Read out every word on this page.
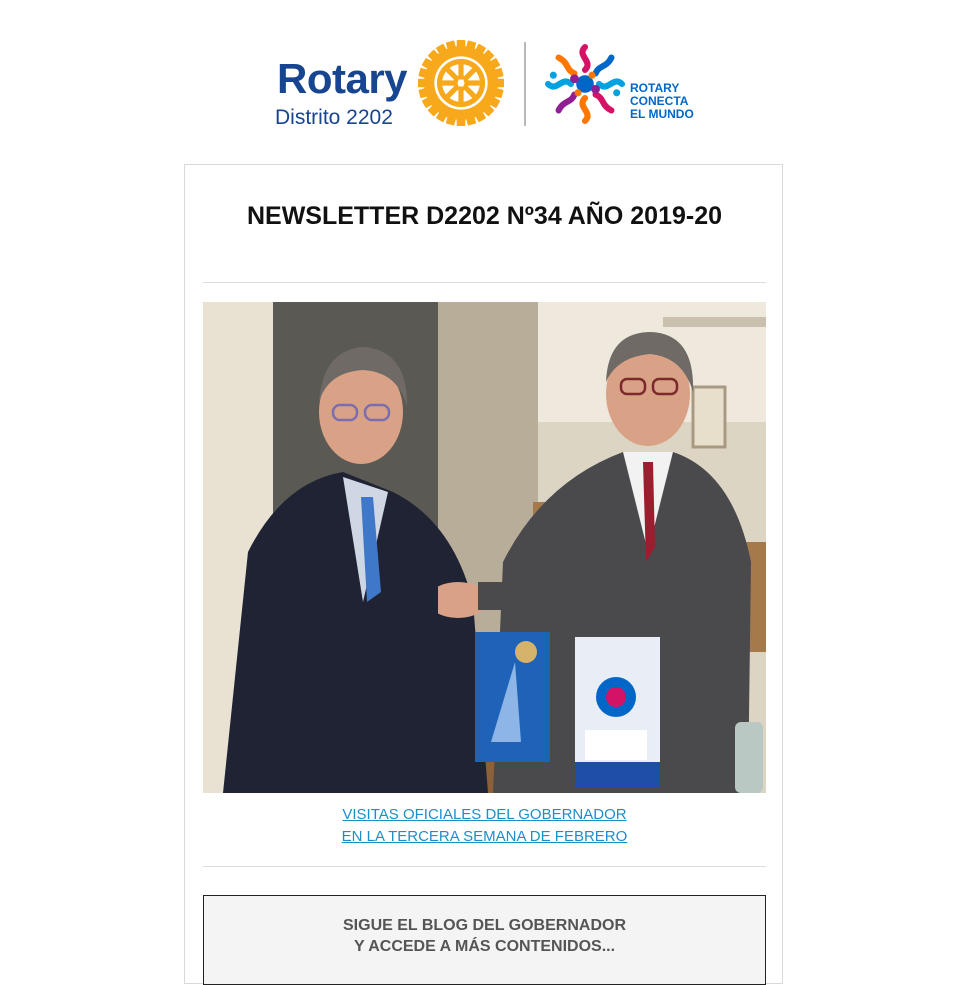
Rotary
Distrito 2202
ROTARY
CONECTA
EL MUNDO
NEWSLETTER D2202 Nº34 AÑO 2019-20
VISITAS OFICIALES DEL GOBERNADOR
EN LA TERCERA SEMANA DE FEBRERO
SIGUE EL BLOG DEL GOBERNADOR
Y ACCEDE A MÁS CONTENIDOS...
